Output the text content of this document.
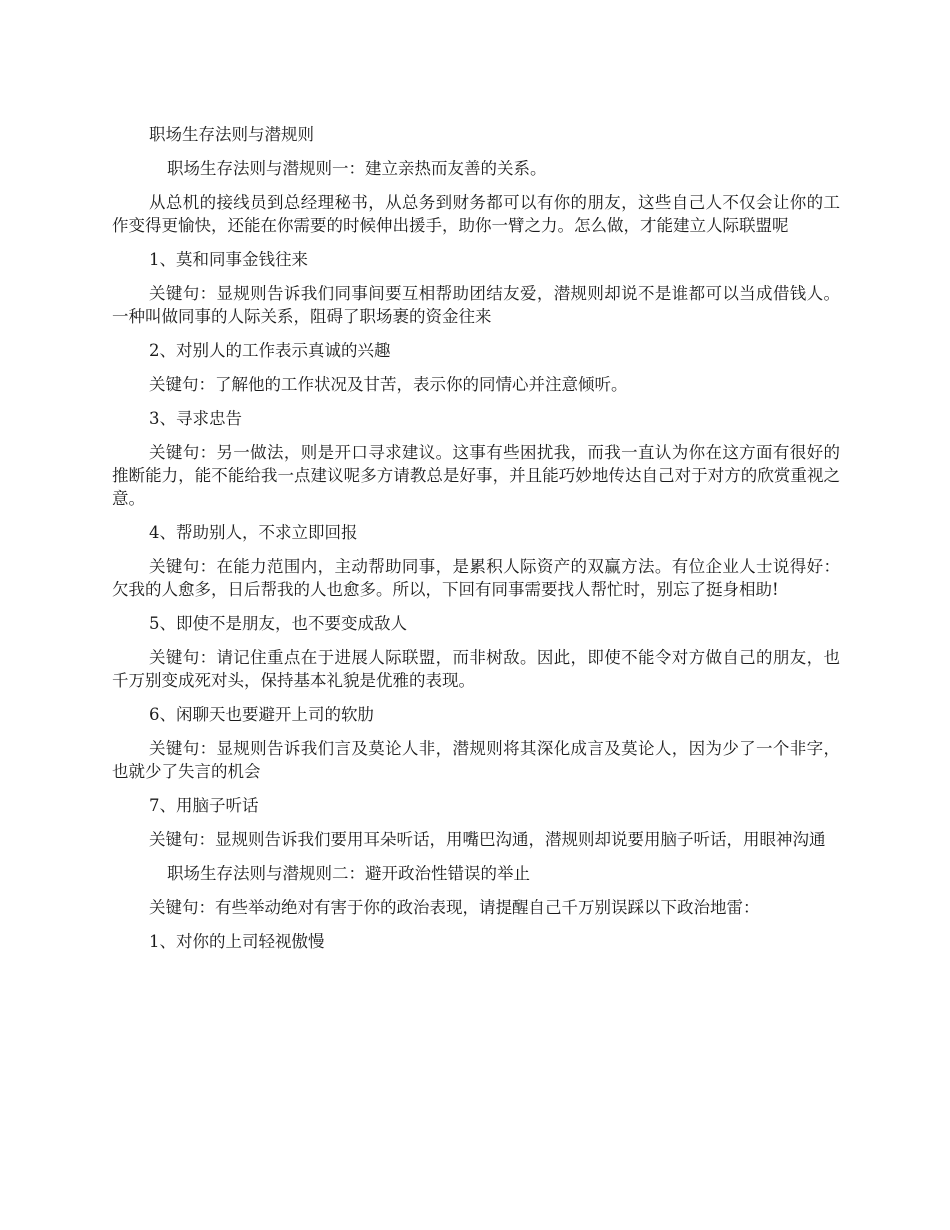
职场生存法则与潜规则

职场生存法则与潜规则一：建立亲热而友善的关系。

从总机的接线员到总经理秘书，从总务到财务都可以有你的朋友，这些自己人不仅会让你的工作变得更愉快，还能在你需要的时候伸出援手，助你一臂之力。怎么做，才能建立人际联盟呢

1、莫和同事金钱往来

关键句：显规则告诉我们同事间要互相帮助团结友爱，潜规则却说不是谁都可以当成借钱人。一种叫做同事的人际关系，阻碍了职场裹的资金往来

2、对别人的工作表示真诚的兴趣

关键句：了解他的工作状况及甘苦，表示你的同情心并注意倾听。

3、寻求忠告

关键句：另一做法，则是开口寻求建议。这事有些困扰我，而我一直认为你在这方面有很好的推断能力，能不能给我一点建议呢多方请教总是好事，并且能巧妙地传达自己对于对方的欣赏重视之意。

4、帮助别人，不求立即回报

关键句：在能力范围内，主动帮助同事，是累积人际资产的双赢方法。有位企业人士说得好：欠我的人愈多，日后帮我的人也愈多。所以，下回有同事需要找人帮忙时，别忘了挺身相助!

5、即使不是朋友，也不要变成敌人

关键句：请记住重点在于进展人际联盟，而非树敌。因此，即使不能令对方做自己的朋友，也千万别变成死对头，保持基本礼貌是优雅的表现。

6、闲聊天也要避开上司的软肋

关键句：显规则告诉我们言及莫论人非，潜规则将其深化成言及莫论人，因为少了一个非字，也就少了失言的机会

7、用脑子听话

关键句：显规则告诉我们要用耳朵听话，用嘴巴沟通，潜规则却说要用脑子听话，用眼神沟通

职场生存法则与潜规则二：避开政治性错误的举止

关键句：有些举动绝对有害于你的政治表现，请提醒自己千万别误踩以下政治地雷：

1、对你的上司轻视傲慢
